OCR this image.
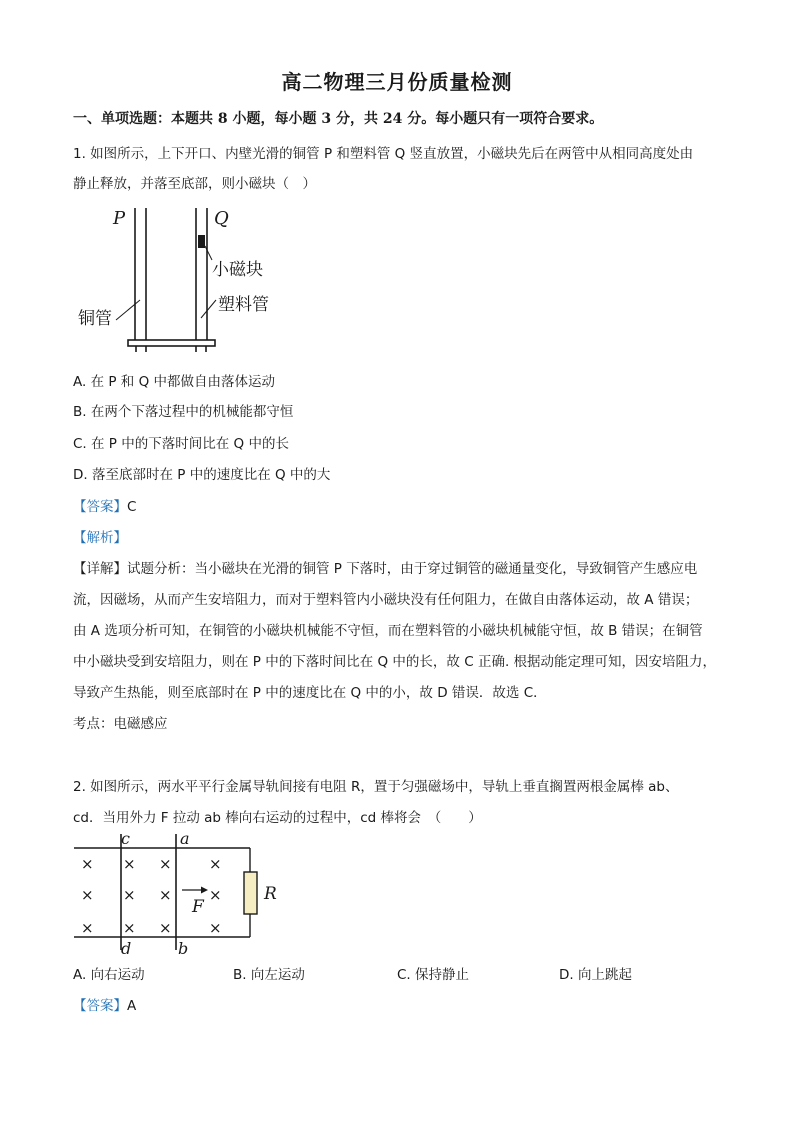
高二物理三月份质量检测
一、单项选题：本题共 8 小题，每小题 3 分，共 24 分。每小题只有一项符合要求。
1. 如图所示，上下开口、内壁光滑的铜管 P 和塑料管 Q 竖直放置，小磁块先后在两管中从相同高度处由
静止释放，并落至底部，则小磁块（　）
P	Q
小磁块
铜管
塑料管
A. 在 P 和 Q 中都做自由落体运动
B. 在两个下落过程中的机械能都守恒
C. 在 P 中的下落时间比在 Q 中的长
D. 落至底部时在 P 中的速度比在 Q 中的大
【答案】C
【解析】
【详解】试题分析：当小磁块在光滑的铜管 P 下落时，由于穿过铜管的磁通量变化，导致铜管产生感应电
流，因磁场，从而产生安培阻力，而对于塑料管内小磁块没有任何阻力，在做自由落体运动，故 A 错误；
由 A 选项分析可知，在铜管的小磁块机械能不守恒，而在塑料管的小磁块机械能守恒，故 B 错误；在铜管
中小磁块受到安培阻力，则在 P 中的下落时间比在 Q 中的长，故 C 正确. 根据动能定理可知，因安培阻力，
导致产生热能，则至底部时在 P 中的速度比在 Q 中的小，故 D 错误．故选 C．
考点：电磁感应
2. 如图所示，两水平平行金属导轨间接有电阻 R，置于匀强磁场中，导轨上垂直搁置两根金属棒 ab、
cd．当用外力 F 拉动 ab 棒向右运动的过程中，cd 棒将会　（　　）
× × × ×
× × × ×
× × × ×
c	a
d	b
F
R
A. 向右运动	B. 向左运动	C. 保持静止	D. 向上跳起
【答案】A
